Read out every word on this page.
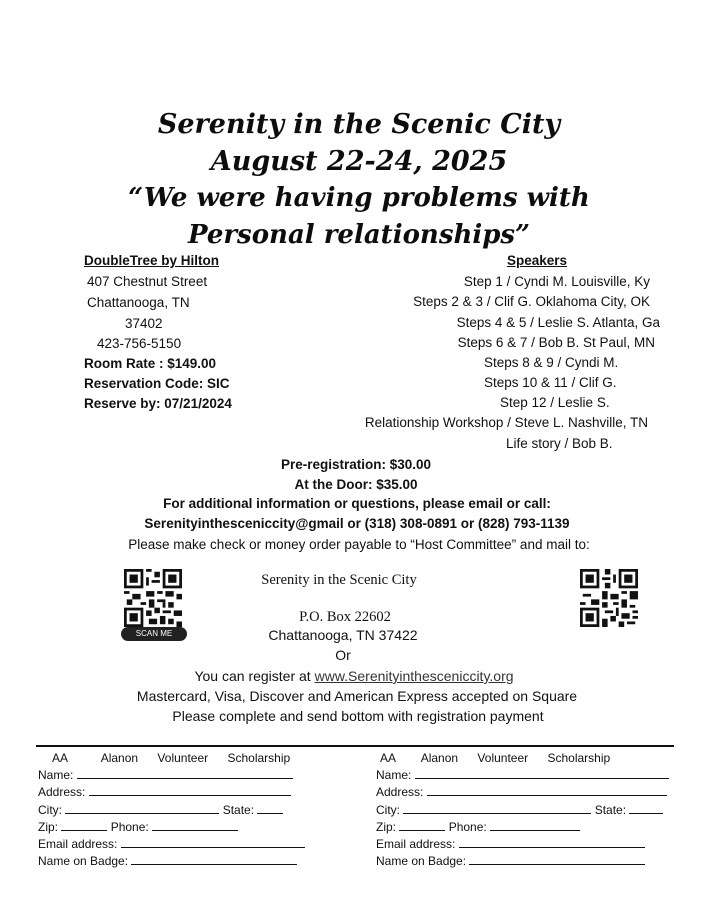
Serenity in the Scenic City
August 22-24, 2025
“We were having problems with
Personal relationships”
DoubleTree by Hilton
407 Chestnut Street
Chattanooga, TN
37402
423-756-5150
Room Rate : $149.00
Reservation Code: SIC
Reserve by: 07/21/2024
Speakers
Step 1 / Cyndi M. Louisville, Ky
Steps 2 & 3 / Clif G. Oklahoma City, OK
Steps 4 & 5 / Leslie S. Atlanta, Ga
Steps 6 & 7 / Bob B. St Paul, MN
Steps 8 & 9 / Cyndi M.
Steps 10 & 11 / Clif G.
Step 12 / Leslie S.
Relationship Workshop / Steve L. Nashville, TN
Life story / Bob B.
Pre-registration: $30.00
At the Door: $35.00
For additional information or questions, please email or call:
Serenityinthesceniccity@gmail or (318) 308-0891 or (828) 793-1139
Please make check or money order payable to “Host Committee” and mail to:
SCAN ME
Serenity in the Scenic City
P.O. Box 22602
Chattanooga, TN 37422
Or
You can register at www.Serenityinthesceniccity.org
Mastercard, Visa, Discover and American Express accepted on Square
Please complete and send bottom with registration payment
AA	Alanon Volunteer Scholarship
Name:
Address:
City:	State:
Zip:	Phone:
Email address:
Name on Badge:
AA Alanon Volunteer Scholarship
Name:
Address:
City:	State:
Zip:	Phone:
Email address:
Name on Badge:
